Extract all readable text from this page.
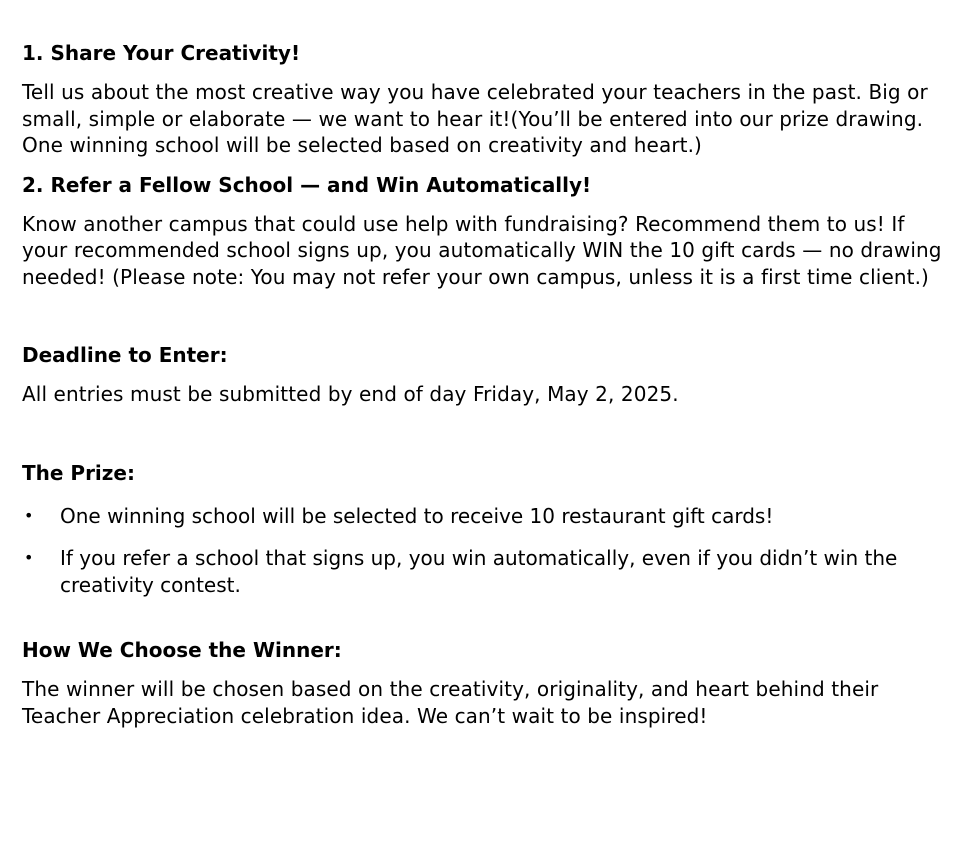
1. Share Your Creativity!

Tell us about the most creative way you have celebrated your teachers in the past. Big or small, simple or elaborate — we want to hear it!(You’ll be entered into our prize drawing. One winning school will be selected based on creativity and heart.)

2. Refer a Fellow School — and Win Automatically!

Know another campus that could use help with fundraising? Recommend them to us! If your recommended school signs up, you automatically WIN the 10 gift cards — no drawing needed! (Please note: You may not refer your own campus, unless it is a first time client.)

Deadline to Enter:

All entries must be submitted by end of day Friday, May 2, 2025.

The Prize:

• One winning school will be selected to receive 10 restaurant gift cards!
• If you refer a school that signs up, you win automatically, even if you didn’t win the creativity contest.

How We Choose the Winner:

The winner will be chosen based on the creativity, originality, and heart behind their Teacher Appreciation celebration idea. We can’t wait to be inspired!
